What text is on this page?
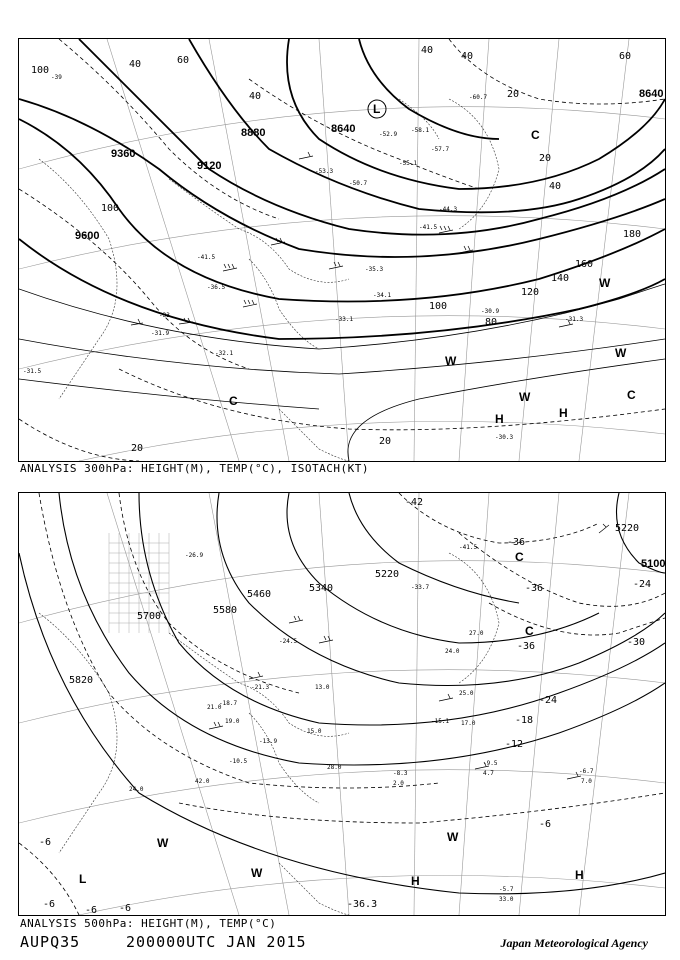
9360
9600
9120
8880	8640
8640
100
40	60
40
40
40
20
20
40
60
80
100
120
140
160
180
100
20
20
-39
-41.5
-36.5
-33
-31.9
-32.1
-57.7
-58.1
-60.7
-52.9
-55.1
-53.3
-50.7
-44.3
-41.5
-35.3
-34.1
-33.1
-30.9
-31.3
-30.3
-31.5
L
C
C	C
W
W
W
W
H	H
ANALYSIS 300hPa: HEIGHT(M), TEMP(°C), ISOTACH(KT)
5820
5700
5580
5460
5340
5220
5220
5100
-42
-36
-36
-36	-30
-24
-24
-18
-12
-6
-6
-6
-6 -6	-36.3
-41.5
-33.7
-26.9
-24.5
-21.3
-18.7
-15.1
-13.9
-10.5	-9.5
-8.3	-6.7
-5.7
27.0
24.0
21.0
19.0	17.0
15.0
13.0
7.0
4.7
2.0
33.0
25.0
28.0
42.0
24.0
C
C
W
W
W
L	H	H
ANALYSIS 500hPa: HEIGHT(M), TEMP(°C)
AUPQ35	200000UTC JAN 2015	Japan Meteorological Agency
